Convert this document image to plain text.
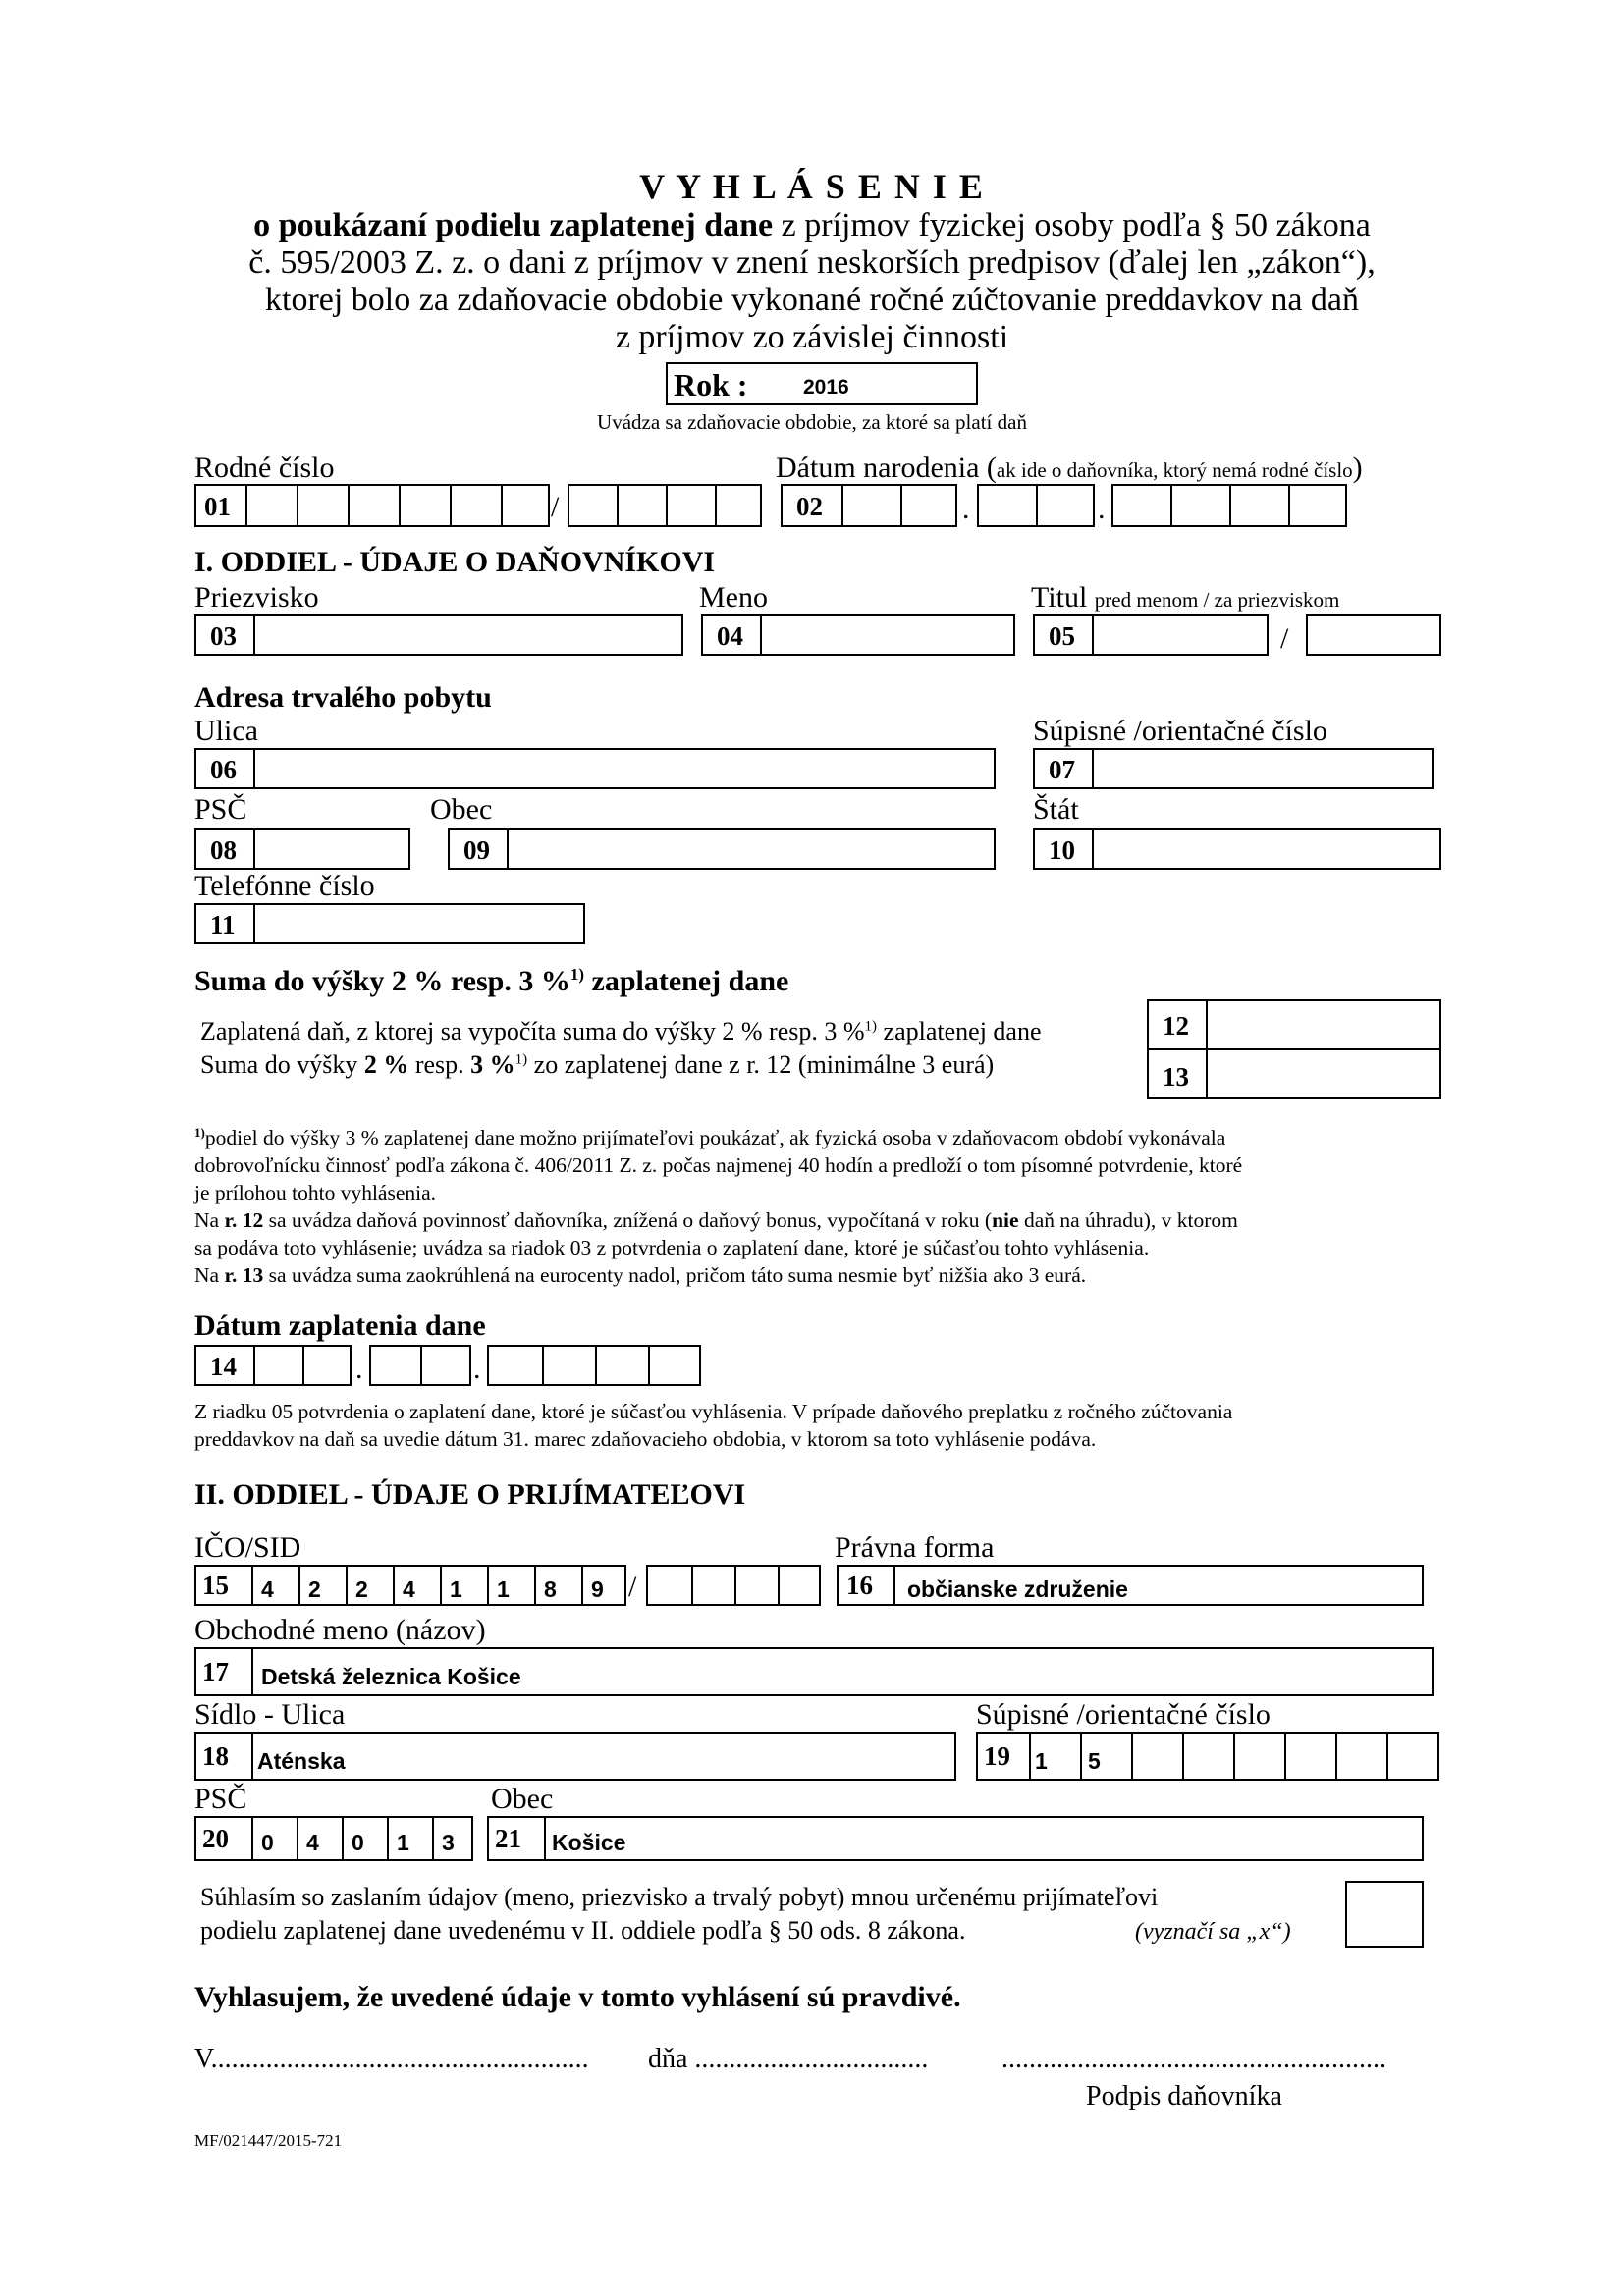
V Y H L Á S E N I E
o poukázaní podielu zaplatenej dane z príjmov fyzickej osoby podľa § 50 zákona
č. 595/2003 Z. z. o dani z príjmov v znení neskorších predpisov (ďalej len „zákon“),
ktorej bolo za zdaňovacie obdobie vykonané ročné zúčtovanie preddavkov na daň
z príjmov zo závislej činnosti
Rok :	2016
Uvádza sa zdaňovacie obdobie, za ktoré sa platí daň
Rodné číslo	Dátum narodenia (ak ide o daňovníka, ktorý nemá rodné číslo)
01	/	02	.	.
I. ODDIEL - ÚDAJE O DAŇOVNÍKOVI
Priezvisko	Meno	Titul pred menom / za priezviskom
03	04	05	/
Adresa trvalého pobytu
Ulica	Súpisné /orientačné číslo
06	07
PSČ	Obec	Štát
08	09	10
Telefónne číslo
11
Suma do výšky 2 % resp. 3 %$^{1)}$ zaplatenej dane
Zaplatená daň, z ktorej sa vypočíta suma do výšky 2 % resp. 3 %$^{1)}$ zaplatenej dane
Suma do výšky 2 % resp. 3 %$^{1)}$ zo zaplatenej dane z r. 12 (minimálne 3 eurá)
12
13
$^{1)}$podiel do výšky 3 % zaplatenej dane možno prijímateľovi poukázať, ak fyzická osoba v zdaňovacom období vykonávala
dobrovoľnícku činnosť podľa zákona č. 406/2011 Z. z. počas najmenej 40 hodín a predloží o tom písomné potvrdenie, ktoré
je prílohou tohto vyhlásenia.
Na r. 12 sa uvádza daňová povinnosť daňovníka, znížená o daňový bonus, vypočítaná v roku (nie daň na úhradu), v ktorom
sa podáva toto vyhlásenie; uvádza sa riadok 03 z potvrdenia o zaplatení dane, ktoré je súčasťou tohto vyhlásenia.
Na r. 13 sa uvádza suma zaokrúhlená na eurocenty nadol, pričom táto suma nesmie byť nižšia ako 3 eurá.
Dátum zaplatenia dane
14	.	.
Z riadku 05 potvrdenia o zaplatení dane, ktoré je súčasťou vyhlásenia. V prípade daňového preplatku z ročného zúčtovania
preddavkov na daň sa uvedie dátum 31. marec zdaňovacieho obdobia, v ktorom sa toto vyhlásenie podáva.
II. ODDIEL - ÚDAJE O PRIJÍMATEĽOVI
IČO/SID	Právna forma
15 4 2 2 4 1 1 8 9 /	16 občianske združenie
Obchodné meno (názov)
17 Detská železnica Košice
Sídlo - Ulica	Súpisné /orientačné číslo
18 Aténska	19 1 5
PSČ	Obec
20 0 4 0 1 3 21 Košice
Súhlasím so zaslaním údajov (meno, priezvisko a trvalý pobyt) mnou určenému prijímateľovi
podielu zaplatenej dane uvedenému v II. oddiele podľa § 50 ods. 8 zákona.	(vyznačí sa „x“)
Vyhlasujem, že uvedené údaje v tomto vyhlásení sú pravdivé.
V....................................................... dňa ..................................	........................................................
Podpis daňovníka
MF/021447/2015-721
